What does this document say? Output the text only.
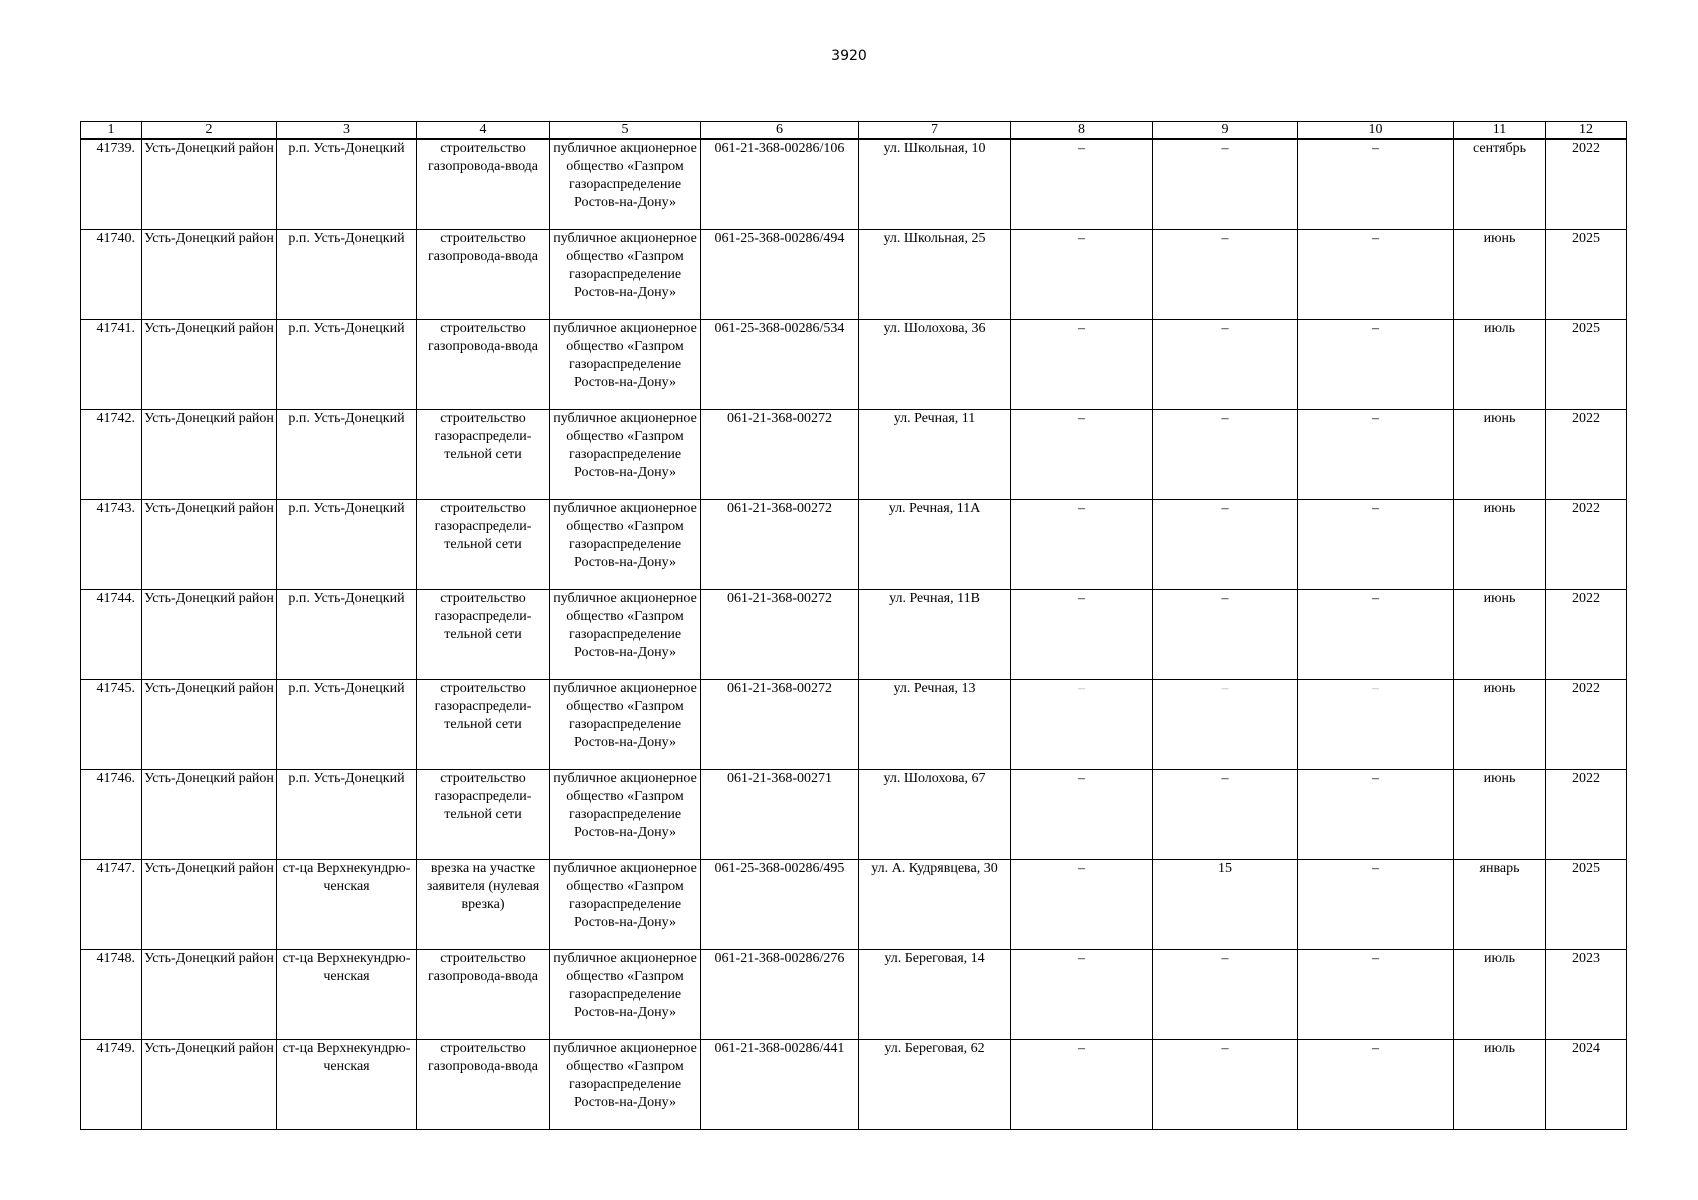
3920
1	2	3	4	5	6	7	8	9	10	11	12
41739.	Усть-Донецкий район	р.п. Усть-Донецкий	строительство газопровода-ввода	публичное акционерное общество «Газпром газораспределение Ростов-на-Дону»	061-21-368-00286/106	ул. Школьная, 10	–	–	–	сентябрь	2022
41740.	Усть-Донецкий район	р.п. Усть-Донецкий	строительство газопровода-ввода	публичное акционерное общество «Газпром газораспределение Ростов-на-Дону»	061-25-368-00286/494	ул. Школьная, 25	–	–	–	июнь	2025
41741.	Усть-Донецкий район	р.п. Усть-Донецкий	строительство газопровода-ввода	публичное акционерное общество «Газпром газораспределение Ростов-на-Дону»	061-25-368-00286/534	ул. Шолохова, 36	–	–	–	июль	2025
41742.	Усть-Донецкий район	р.п. Усть-Донецкий	строительство газораспредели-тельной сети	публичное акционерное общество «Газпром газораспределение Ростов-на-Дону»	061-21-368-00272	ул. Речная, 11	–	–	–	июнь	2022
41743.	Усть-Донецкий район	р.п. Усть-Донецкий	строительство газораспредели-тельной сети	публичное акционерное общество «Газпром газораспределение Ростов-на-Дону»	061-21-368-00272	ул. Речная, 11А	–	–	–	июнь	2022
41744.	Усть-Донецкий район	р.п. Усть-Донецкий	строительство газораспредели-тельной сети	публичное акционерное общество «Газпром газораспределение Ростов-на-Дону»	061-21-368-00272	ул. Речная, 11В	–	–	–	июнь	2022
41745.	Усть-Донецкий район	р.п. Усть-Донецкий	строительство газораспредели-тельной сети	публичное акционерное общество «Газпром газораспределение Ростов-на-Дону»	061-21-368-00272	ул. Речная, 13	–	–	–	июнь	2022
41746.	Усть-Донецкий район	р.п. Усть-Донецкий	строительство газораспредели-тельной сети	публичное акционерное общество «Газпром газораспределение Ростов-на-Дону»	061-21-368-00271	ул. Шолохова, 67	–	–	–	июнь	2022
41747.	Усть-Донецкий район	ст-ца Верхнекундрю-ченская	врезка на участке заявителя (нулевая врезка)	публичное акционерное общество «Газпром газораспределение Ростов-на-Дону»	061-25-368-00286/495	ул. А. Кудрявцева, 30	–	15	–	январь	2025
41748.	Усть-Донецкий район	ст-ца Верхнекундрю-ченская	строительство газопровода-ввода	публичное акционерное общество «Газпром газораспределение Ростов-на-Дону»	061-21-368-00286/276	ул. Береговая, 14	–	–	–	июль	2023
41749.	Усть-Донецкий район	ст-ца Верхнекундрю-ченская	строительство газопровода-ввода	публичное акционерное общество «Газпром газораспределение Ростов-на-Дону»	061-21-368-00286/441	ул. Береговая, 62	–	–	–	июль	2024
